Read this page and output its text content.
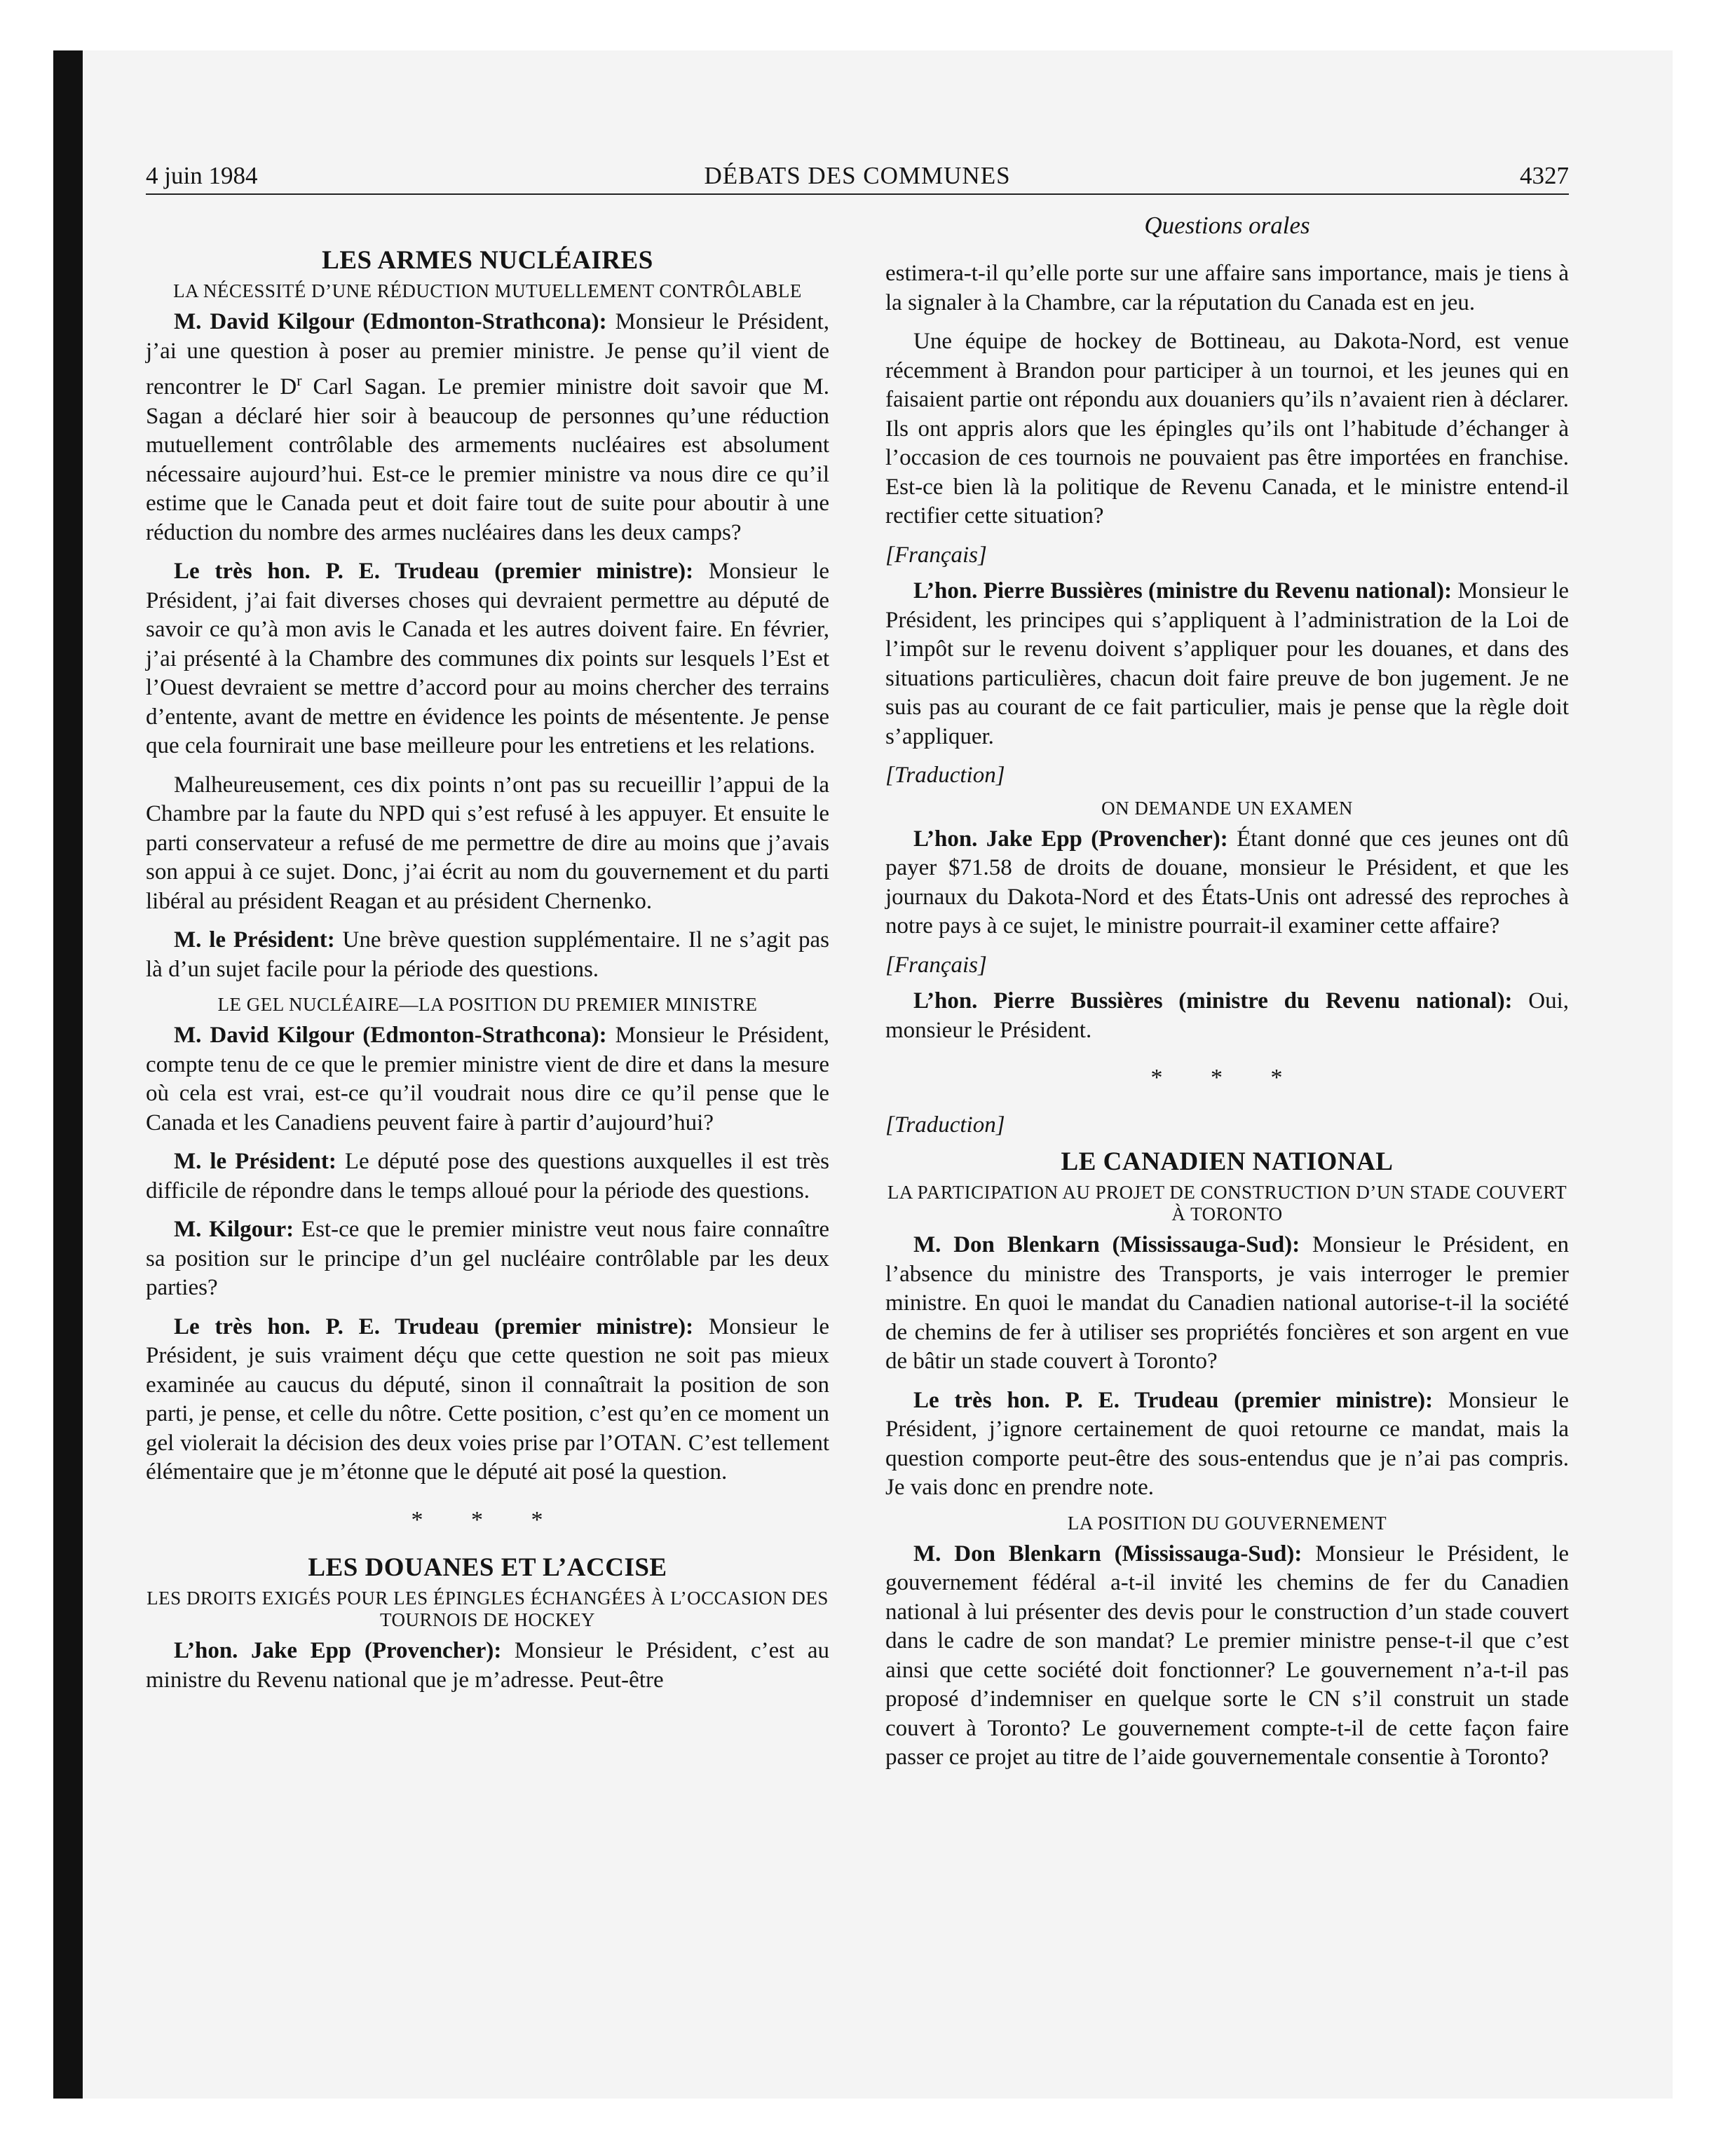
4 juin 1984	DÉBATS DES COMMUNES	4327
Questions orales
LES ARMES NUCLÉAIRES
LA NÉCESSITÉ D’UNE RÉDUCTION MUTUELLEMENT CONTRÔLABLE

M. David Kilgour (Edmonton-Strathcona): Monsieur le Président, j’ai une question à poser au premier ministre. Je pense qu’il vient de rencontrer le $D^r$ Carl Sagan. Le premier ministre doit savoir que M. Sagan a déclaré hier soir à beaucoup de personnes qu’une réduction mutuellement contrôlable des armements nucléaires est absolument nécessaire aujourd’hui. Est-ce le premier ministre va nous dire ce qu’il estime que le Canada peut et doit faire tout de suite pour aboutir à une réduction du nombre des armes nucléaires dans les deux camps?

Le très hon. P. E. Trudeau (premier ministre): Monsieur le Président, j’ai fait diverses choses qui devraient permettre au député de savoir ce qu’à mon avis le Canada et les autres doivent faire. En février, j’ai présenté à la Chambre des communes dix points sur lesquels l’Est et l’Ouest devraient se mettre d’accord pour au moins chercher des terrains d’entente, avant de mettre en évidence les points de mésentente. Je pense que cela fournirait une base meilleure pour les entretiens et les relations.

Malheureusement, ces dix points n’ont pas su recueillir l’appui de la Chambre par la faute du NPD qui s’est refusé à les appuyer. Et ensuite le parti conservateur a refusé de me permettre de dire au moins que j’avais son appui à ce sujet. Donc, j’ai écrit au nom du gouvernement et du parti libéral au président Reagan et au président Chernenko.

M. le Président: Une brève question supplémentaire. Il ne s’agit pas là d’un sujet facile pour la période des questions.

LE GEL NUCLÉAIRE—LA POSITION DU PREMIER MINISTRE

M. David Kilgour (Edmonton-Strathcona): Monsieur le Président, compte tenu de ce que le premier ministre vient de dire et dans la mesure où cela est vrai, est-ce qu’il voudrait nous dire ce qu’il pense que le Canada et les Canadiens peuvent faire à partir d’aujourd’hui?

M. le Président: Le député pose des questions auxquelles il est très difficile de répondre dans le temps alloué pour la période des questions.

M. Kilgour: Est-ce que le premier ministre veut nous faire connaître sa position sur le principe d’un gel nucléaire contrôlable par les deux parties?

Le très hon. P. E. Trudeau (premier ministre): Monsieur le Président, je suis vraiment déçu que cette question ne soit pas mieux examinée au caucus du député, sinon il connaîtrait la position de son parti, je pense, et celle du nôtre. Cette position, c’est qu’en ce moment un gel violerait la décision des deux voies prise par l’OTAN. C’est tellement élémentaire que je m’étonne que le député ait posé la question.

* * *

LES DOUANES ET L’ACCISE
LES DROITS EXIGÉS POUR LES ÉPINGLES ÉCHANGÉES À L’OCCASION DES TOURNOIS DE HOCKEY

L’hon. Jake Epp (Provencher): Monsieur le Président, c’est au ministre du Revenu national que je m’adresse. Peut-être

estimera-t-il qu’elle porte sur une affaire sans importance, mais je tiens à la signaler à la Chambre, car la réputation du Canada est en jeu.

Une équipe de hockey de Bottineau, au Dakota-Nord, est venue récemment à Brandon pour participer à un tournoi, et les jeunes qui en faisaient partie ont répondu aux douaniers qu’ils n’avaient rien à déclarer. Ils ont appris alors que les épingles qu’ils ont l’habitude d’échanger à l’occasion de ces tournois ne pouvaient pas être importées en franchise. Est-ce bien là la politique de Revenu Canada, et le ministre entend-il rectifier cette situation?

[Français]

L’hon. Pierre Bussières (ministre du Revenu national): Monsieur le Président, les principes qui s’appliquent à l’administration de la Loi de l’impôt sur le revenu doivent s’appliquer pour les douanes, et dans des situations particulières, chacun doit faire preuve de bon jugement. Je ne suis pas au courant de ce fait particulier, mais je pense que la règle doit s’appliquer.

[Traduction]

ON DEMANDE UN EXAMEN

L’hon. Jake Epp (Provencher): Étant donné que ces jeunes ont dû payer $71.58 de droits de douane, monsieur le Président, et que les journaux du Dakota-Nord et des États-Unis ont adressé des reproches à notre pays à ce sujet, le ministre pourrait-il examiner cette affaire?

[Français]

L’hon. Pierre Bussières (ministre du Revenu national): Oui, monsieur le Président.

* * *

[Traduction]

LE CANADIEN NATIONAL
LA PARTICIPATION AU PROJET DE CONSTRUCTION D’UN STADE COUVERT À TORONTO

M. Don Blenkarn (Mississauga-Sud): Monsieur le Président, en l’absence du ministre des Transports, je vais interroger le premier ministre. En quoi le mandat du Canadien national autorise-t-il la société de chemins de fer à utiliser ses propriétés foncières et son argent en vue de bâtir un stade couvert à Toronto?

Le très hon. P. E. Trudeau (premier ministre): Monsieur le Président, j’ignore certainement de quoi retourne ce mandat, mais la question comporte peut-être des sous-entendus que je n’ai pas compris. Je vais donc en prendre note.

LA POSITION DU GOUVERNEMENT

M. Don Blenkarn (Mississauga-Sud): Monsieur le Président, le gouvernement fédéral a-t-il invité les chemins de fer du Canadien national à lui présenter des devis pour le construction d’un stade couvert dans le cadre de son mandat? Le premier ministre pense-t-il que c’est ainsi que cette société doit fonctionner? Le gouvernement n’a-t-il pas proposé d’indemniser en quelque sorte le CN s’il construit un stade couvert à Toronto? Le gouvernement compte-t-il de cette façon faire passer ce projet au titre de l’aide gouvernementale consentie à Toronto?
